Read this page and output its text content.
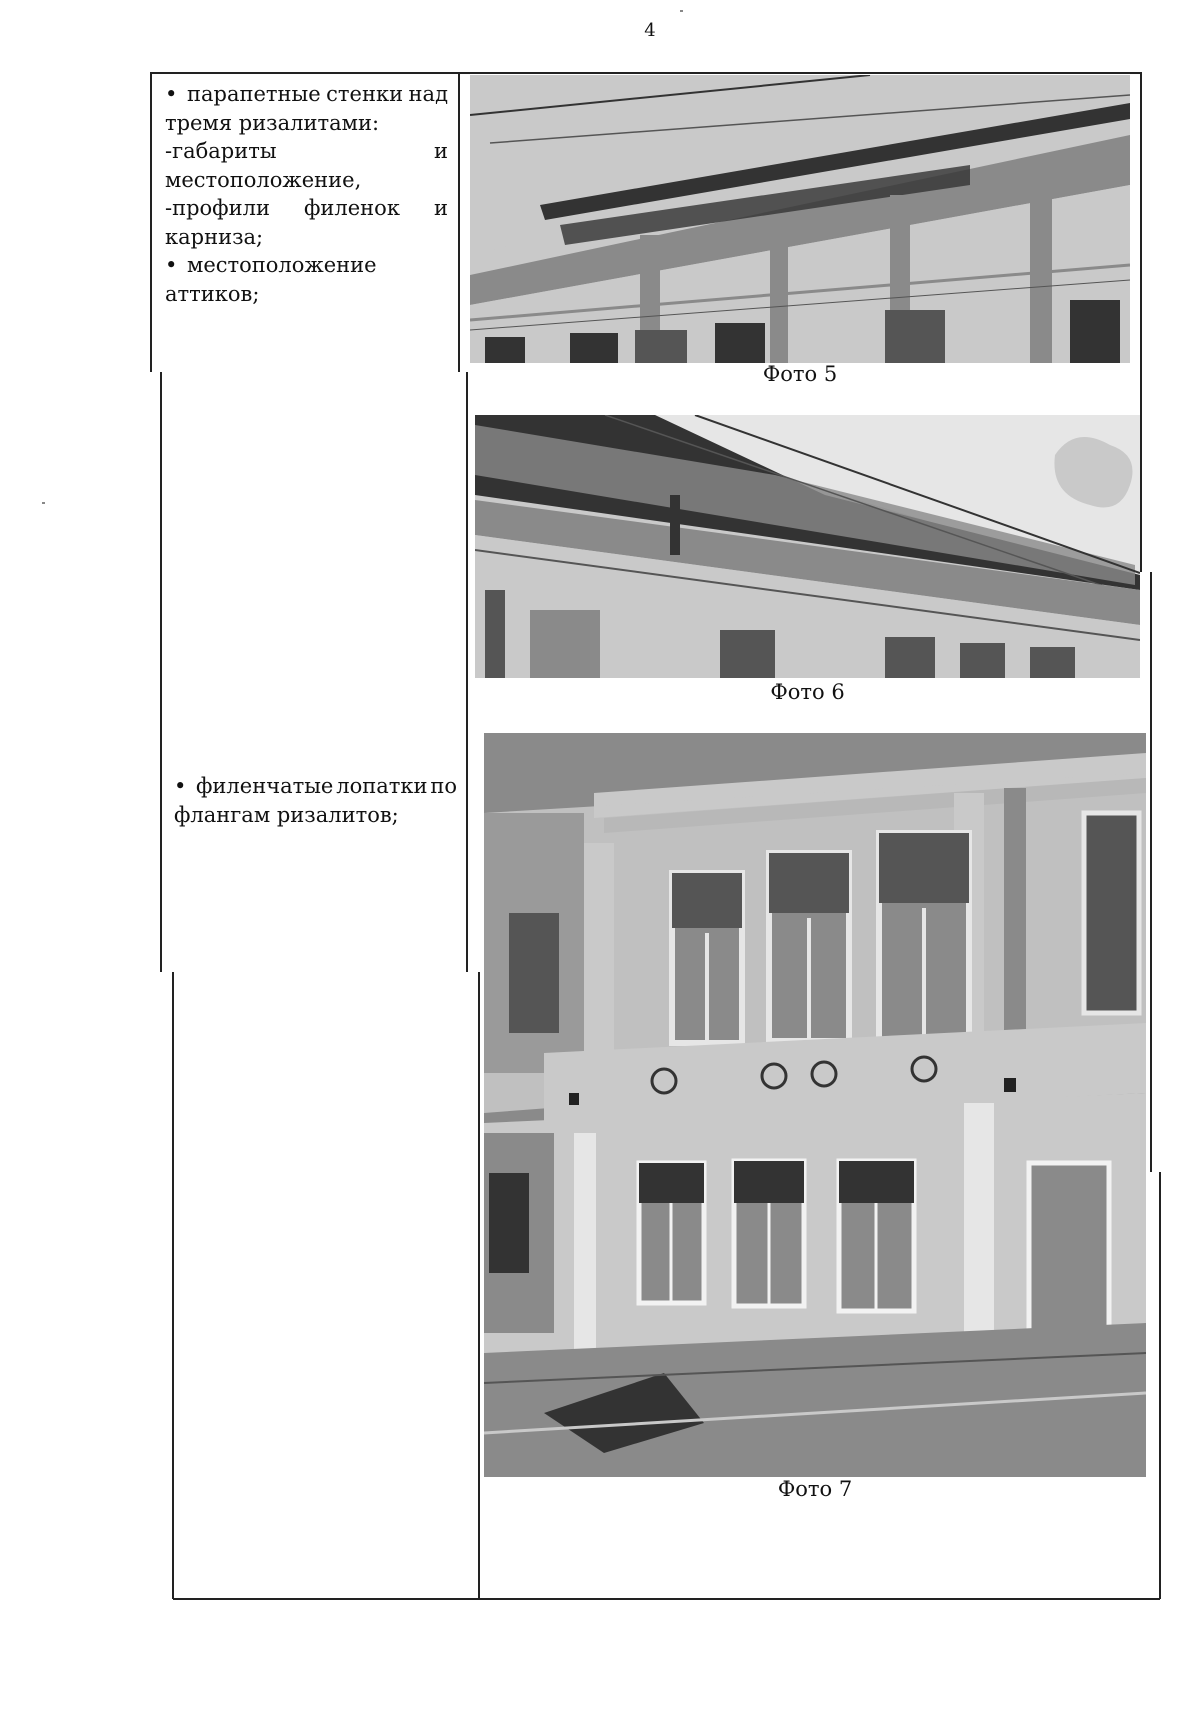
4

• парапетные стенки над

тремя ризалитами:

-габариты	и

местоположение,

-профили филенок и

карниза;

• местоположение

аттиков;

• филенчатые лопатки по

флангам ризалитов;

Фото 5
Фото 6
Фото 7
